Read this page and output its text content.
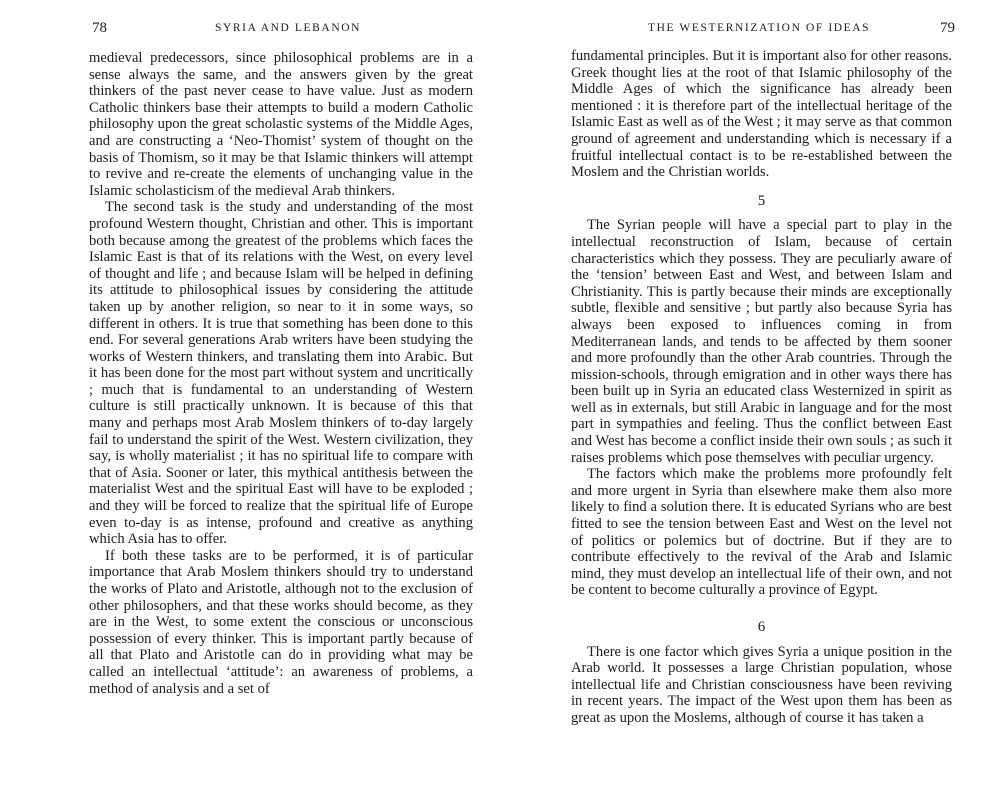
78	SYRIA AND LEBANON

medieval predecessors, since philosophical problems are in a sense always the same, and the answers given by the great thinkers of the past never cease to have value. Just as modern Catholic thinkers base their attempts to build a modern Catholic philosophy upon the great scholastic systems of the Middle Ages, and are constructing a ‘Neo-Thomist’ system of thought on the basis of Thomism, so it may be that Islamic thinkers will attempt to revive and re-create the elements of unchanging value in the Islamic scholasticism of the medieval Arab thinkers.

The second task is the study and understanding of the most profound Western thought, Christian and other. This is important both because among the greatest of the problems which faces the Islamic East is that of its relations with the West, on every level of thought and life ; and because Islam will be helped in defining its attitude to philosophical issues by considering the attitude taken up by another religion, so near to it in some ways, so different in others. It is true that something has been done to this end. For several generations Arab writers have been studying the works of Western thinkers, and translating them into Arabic. But it has been done for the most part without system and uncritically ; much that is fundamental to an understanding of Western culture is still practically unknown. It is because of this that many and perhaps most Arab Moslem thinkers of to-day largely fail to understand the spirit of the West. Western civilization, they say, is wholly materialist ; it has no spiritual life to compare with that of Asia. Sooner or later, this mythical antithesis between the materialist West and the spiritual East will have to be exploded ; and they will be forced to realize that the spiritual life of Europe even to-day is as intense, profound and creative as anything which Asia has to offer.

If both these tasks are to be performed, it is of particular importance that Arab Moslem thinkers should try to understand the works of Plato and Aristotle, although not to the exclusion of other philosophers, and that these works should become, as they are in the West, to some extent the conscious or unconscious possession of every thinker. This is important partly because of all that Plato and Aristotle can do in providing what may be called an intellectual ‘attitude’: an awareness of problems, a method of analysis and a set of

THE WESTERNIZATION OF IDEAS	79

fundamental principles. But it is important also for other reasons. Greek thought lies at the root of that Islamic philosophy of the Middle Ages of which the significance has already been mentioned : it is therefore part of the intellectual heritage of the Islamic East as well as of the West ; it may serve as that common ground of agreement and understanding which is necessary if a fruitful intellectual contact is to be re-established between the Moslem and the Christian worlds.

5

The Syrian people will have a special part to play in the intellectual reconstruction of Islam, because of certain characteristics which they possess. They are peculiarly aware of the ‘tension’ between East and West, and between Islam and Christianity. This is partly because their minds are exceptionally subtle, flexible and sensitive ; but partly also because Syria has always been exposed to influences coming in from Mediterranean lands, and tends to be affected by them sooner and more profoundly than the other Arab countries. Through the mission-schools, through emigration and in other ways there has been built up in Syria an educated class Westernized in spirit as well as in externals, but still Arabic in language and for the most part in sympathies and feeling. Thus the conflict between East and West has become a conflict inside their own souls ; as such it raises problems which pose themselves with peculiar urgency.

The factors which make the problems more profoundly felt and more urgent in Syria than elsewhere make them also more likely to find a solution there. It is educated Syrians who are best fitted to see the tension between East and West on the level not of politics or polemics but of doctrine. But if they are to contribute effectively to the revival of the Arab and Islamic mind, they must develop an intellectual life of their own, and not be content to become culturally a province of Egypt.

6

There is one factor which gives Syria a unique position in the Arab world. It possesses a large Christian population, whose intellectual life and Christian consciousness have been reviving in recent years. The impact of the West upon them has been as great as upon the Moslems, although of course it has taken a
